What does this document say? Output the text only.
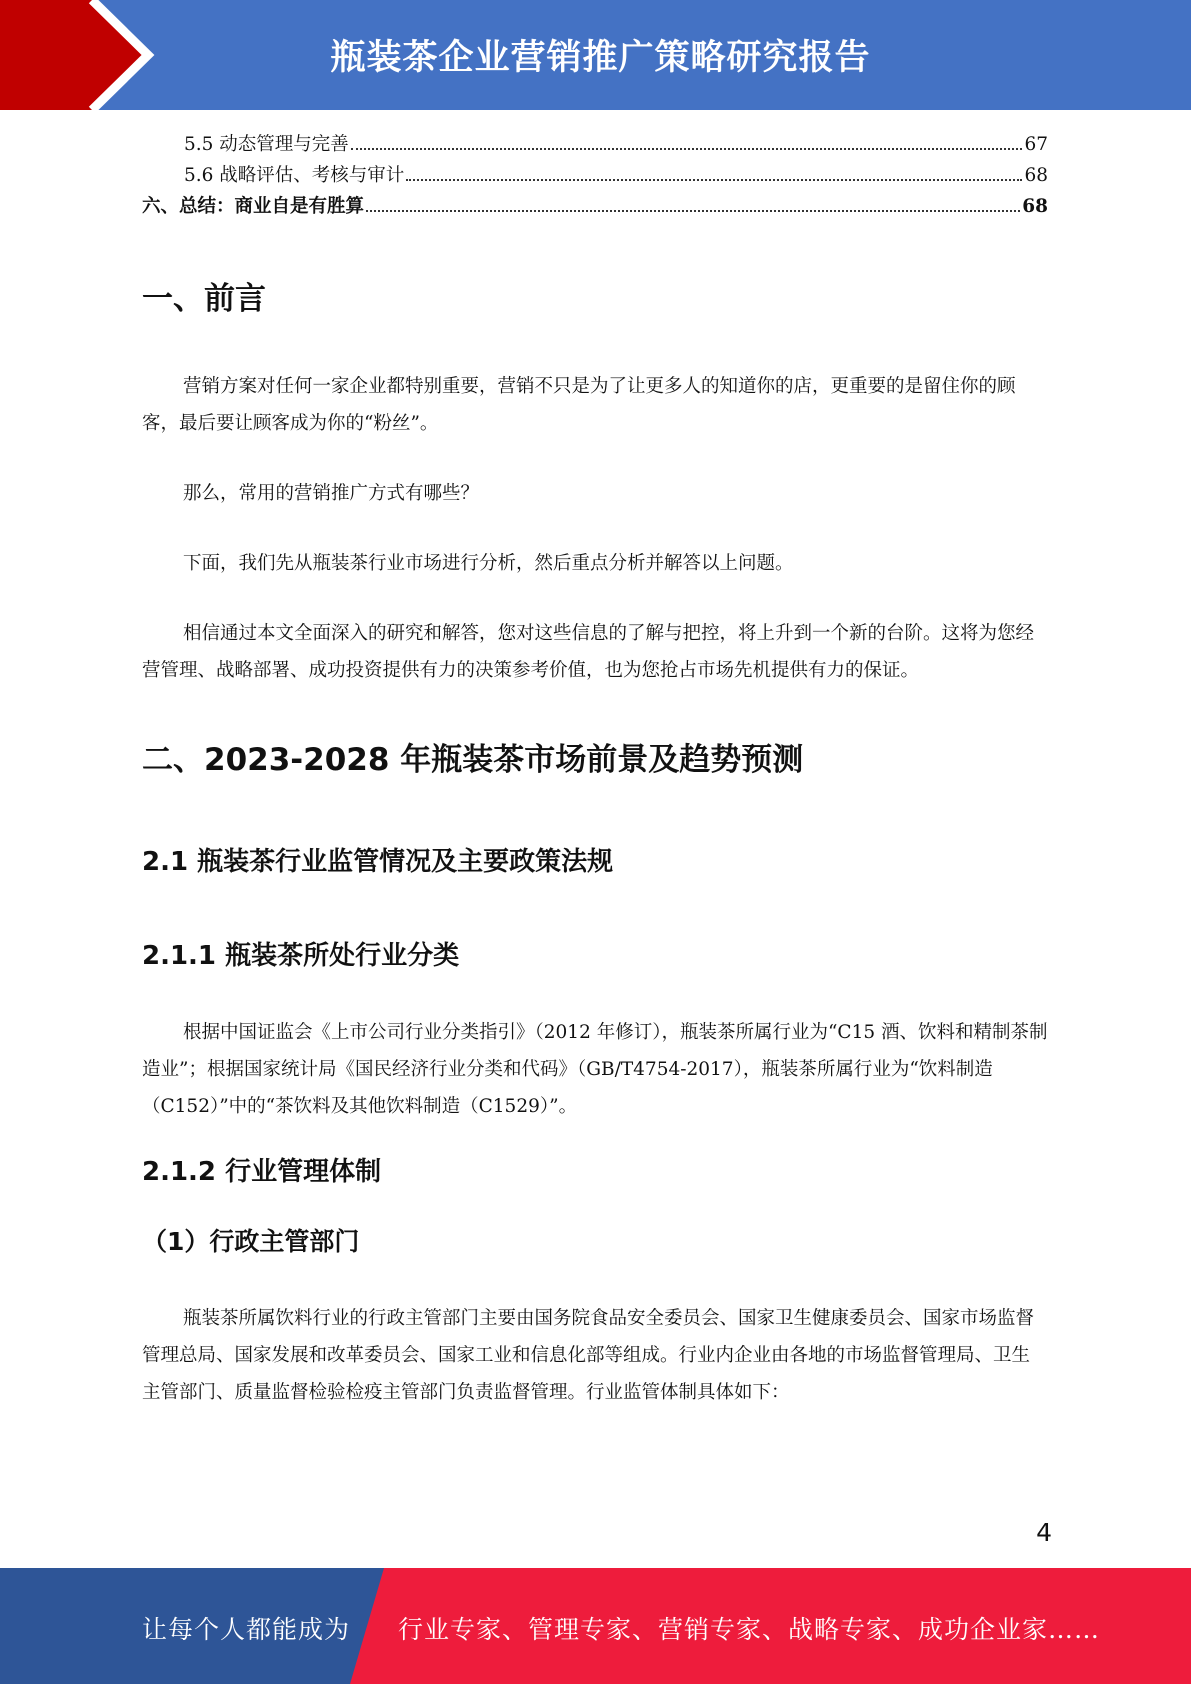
瓶装茶企业营销推广策略研究报告
5.5 动态管理与完善	67
5.6 战略评估、考核与审计	68
六、总结：商业自是有胜算	68
一、前言

营销方案对任何一家企业都特别重要，营销不只是为了让更多人的知道你的店，更重要的是留住你的顾客，最后要让顾客成为你的“粉丝”。

那么，常用的营销推广方式有哪些？

下面，我们先从瓶装茶行业市场进行分析，然后重点分析并解答以上问题。

相信通过本文全面深入的研究和解答，您对这些信息的了解与把控，将上升到一个新的台阶。这将为您经营管理、战略部署、成功投资提供有力的决策参考价值，也为您抢占市场先机提供有力的保证。

二、2023-2028 年瓶装茶市场前景及趋势预测
2.1 瓶装茶行业监管情况及主要政策法规
2.1.1 瓶装茶所处行业分类

根据中国证监会《上市公司行业分类指引》（2012 年修订），瓶装茶所属行业为“C15 酒、饮料和精制茶制造业”；根据国家统计局《国民经济行业分类和代码》（GB/T4754-2017），瓶装茶所属行业为“饮料制造（C152）”中的“茶饮料及其他饮料制造（C1529）”。

2.1.2 行业管理体制
（1）行政主管部门

瓶装茶所属饮料行业的行政主管部门主要由国务院食品安全委员会、国家卫生健康委员会、国家市场监督管理总局、国家发展和改革委员会、国家工业和信息化部等组成。行业内企业由各地的市场监督管理局、卫生主管部门、质量监督检验检疫主管部门负责监督管理。行业监管体制具体如下：

4
让每个人都能成为 行业专家、管理专家、营销专家、战略专家、成功企业家……
